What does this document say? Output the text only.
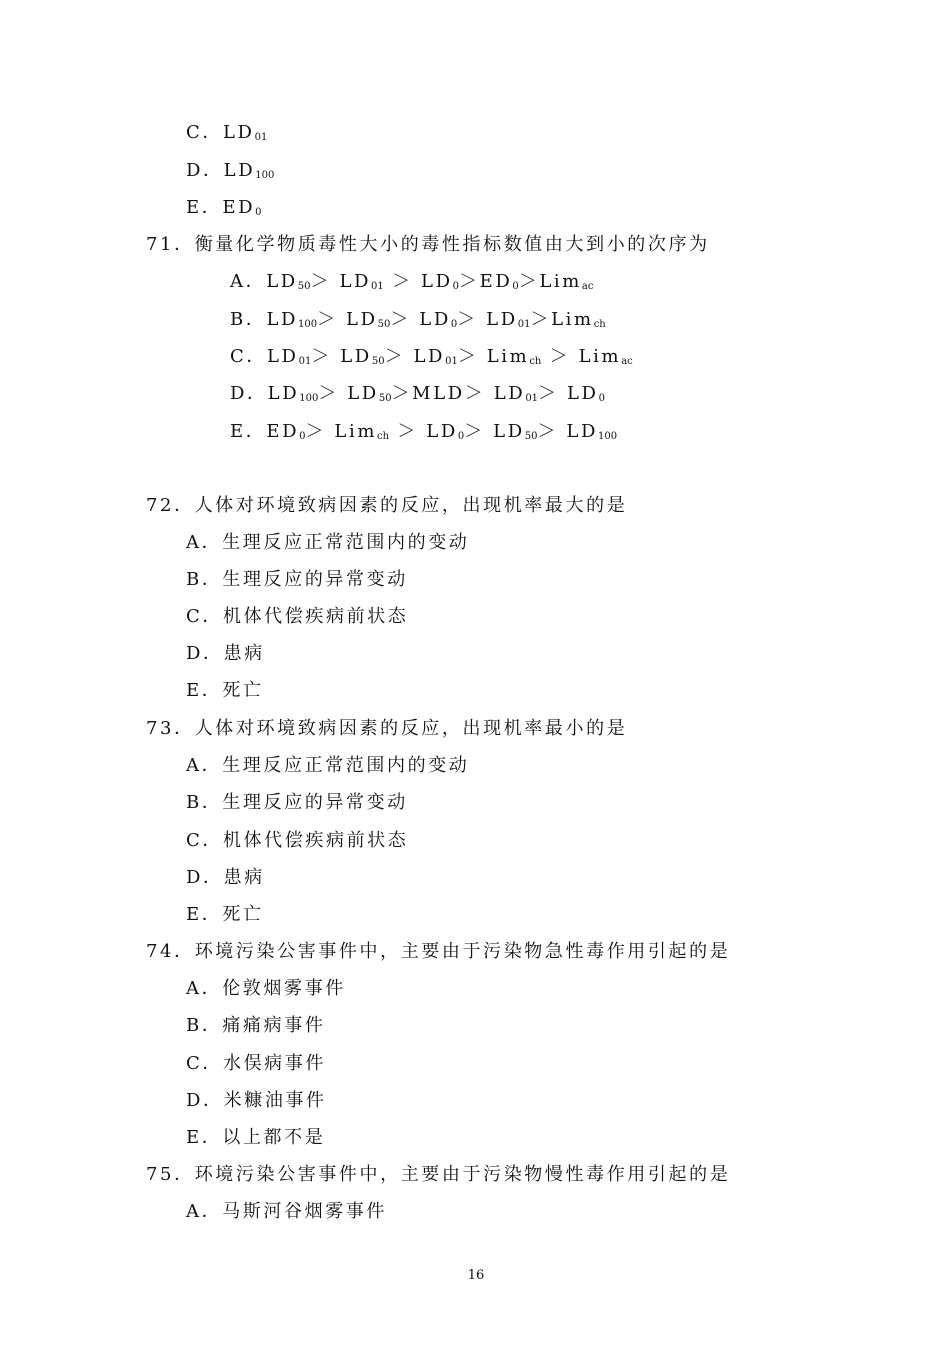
C．$LD_{01}$
D．$LD_{100}$
E．$ED_0$
71．衡量化学物质毒性大小的毒性指标数值由大到小的次序为
A．$LD_{50}> LD_{01} > LD_0>ED_0>Lim_{ac}$
B．$LD_{100}> LD_{50}> LD_0> LD_{01}>Lim_{ch}$
C．$LD_{01}> LD_{50}> LD_{01}> Lim_{ch} > Lim_{ac}$
D．$LD_{100}> LD_{50}>MLD> LD_{01}> LD_0$
E．$ED_0> Lim_{ch} > LD_0> LD_{50}> LD_{100}$
72．人体对环境致病因素的反应，出现机率最大的是
A．生理反应正常范围内的变动
B．生理反应的异常变动
C．机体代偿疾病前状态
D．患病
E．死亡
73．人体对环境致病因素的反应，出现机率最小的是
A．生理反应正常范围内的变动
B．生理反应的异常变动
C．机体代偿疾病前状态
D．患病
E．死亡
74．环境污染公害事件中，主要由于污染物急性毒作用引起的是
A．伦敦烟雾事件
B．痛痛病事件
C．水俣病事件
D．米糠油事件
E．以上都不是
75．环境污染公害事件中，主要由于污染物慢性毒作用引起的是
A．马斯河谷烟雾事件
16
